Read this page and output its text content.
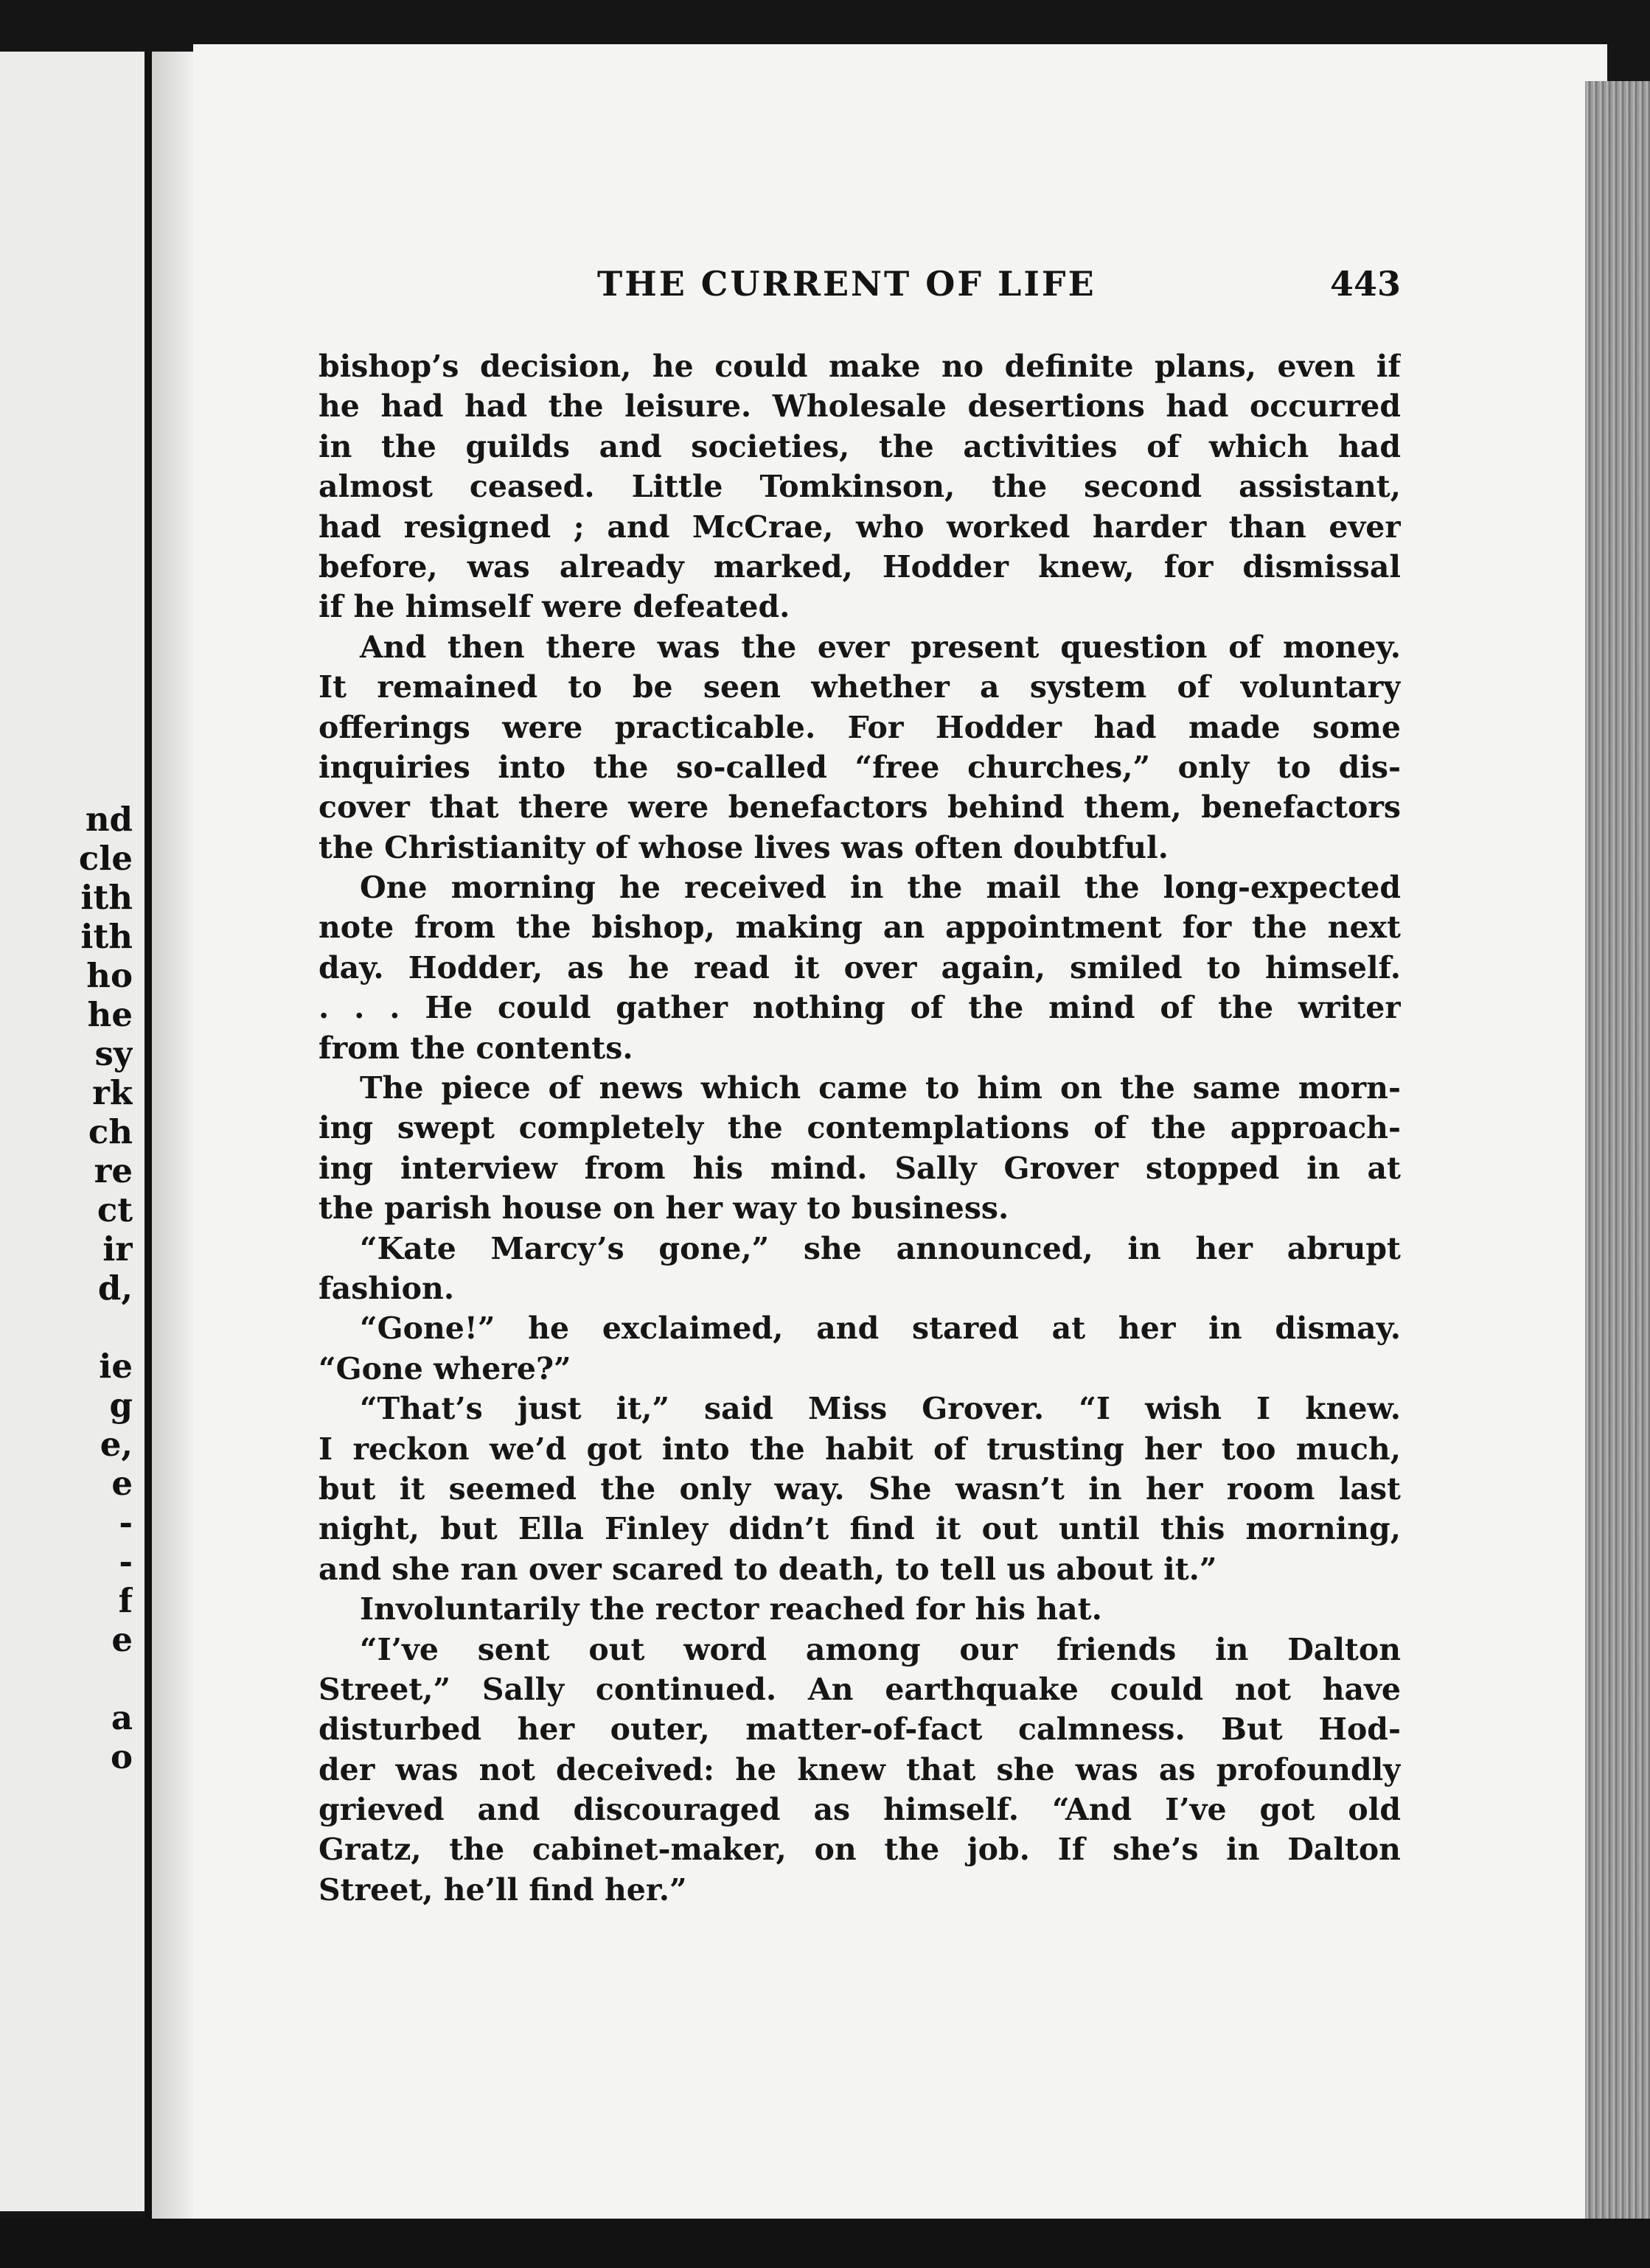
nd
cle
ith
ith
ho
he
sy
rk
ch
re
ct
ir
d,
ie
g
e,
e
-
-
f
e
a
o
THE CURRENT OF LIFE	443
bishop’s decision, he could make no definite plans, even if
he had had the leisure. Wholesale desertions had occurred
in the guilds and societies, the activities of which had
almost ceased. Little Tomkinson, the second assistant,
had resigned ; and McCrae, who worked harder than ever
before, was already marked, Hodder knew, for dismissal
if he himself were defeated.
And then there was the ever present question of money.
It remained to be seen whether a system of voluntary
offerings were practicable. For Hodder had made some
inquiries into the so-called “free churches,” only to dis-
cover that there were benefactors behind them, benefactors
the Christianity of whose lives was often doubtful.
One morning he received in the mail the long-expected
note from the bishop, making an appointment for the next
day. Hodder, as he read it over again, smiled to himself.
. . . He could gather nothing of the mind of the writer
from the contents.
The piece of news which came to him on the same morn-
ing swept completely the contemplations of the approach-
ing interview from his mind. Sally Grover stopped in at
the parish house on her way to business.
“Kate Marcy’s gone,” she announced, in her abrupt
fashion.
“Gone!” he exclaimed, and stared at her in dismay.
“Gone where?”
“That’s just it,” said Miss Grover. “I wish I knew.
I reckon we’d got into the habit of trusting her too much,
but it seemed the only way. She wasn’t in her room last
night, but Ella Finley didn’t find it out until this morning,
and she ran over scared to death, to tell us about it.”
Involuntarily the rector reached for his hat.
“I’ve sent out word among our friends in Dalton
Street,” Sally continued. An earthquake could not have
disturbed her outer, matter-of-fact calmness. But Hod-
der was not deceived: he knew that she was as profoundly
grieved and discouraged as himself. “And I’ve got old
Gratz, the cabinet-maker, on the job. If she’s in Dalton
Street, he’ll find her.”
